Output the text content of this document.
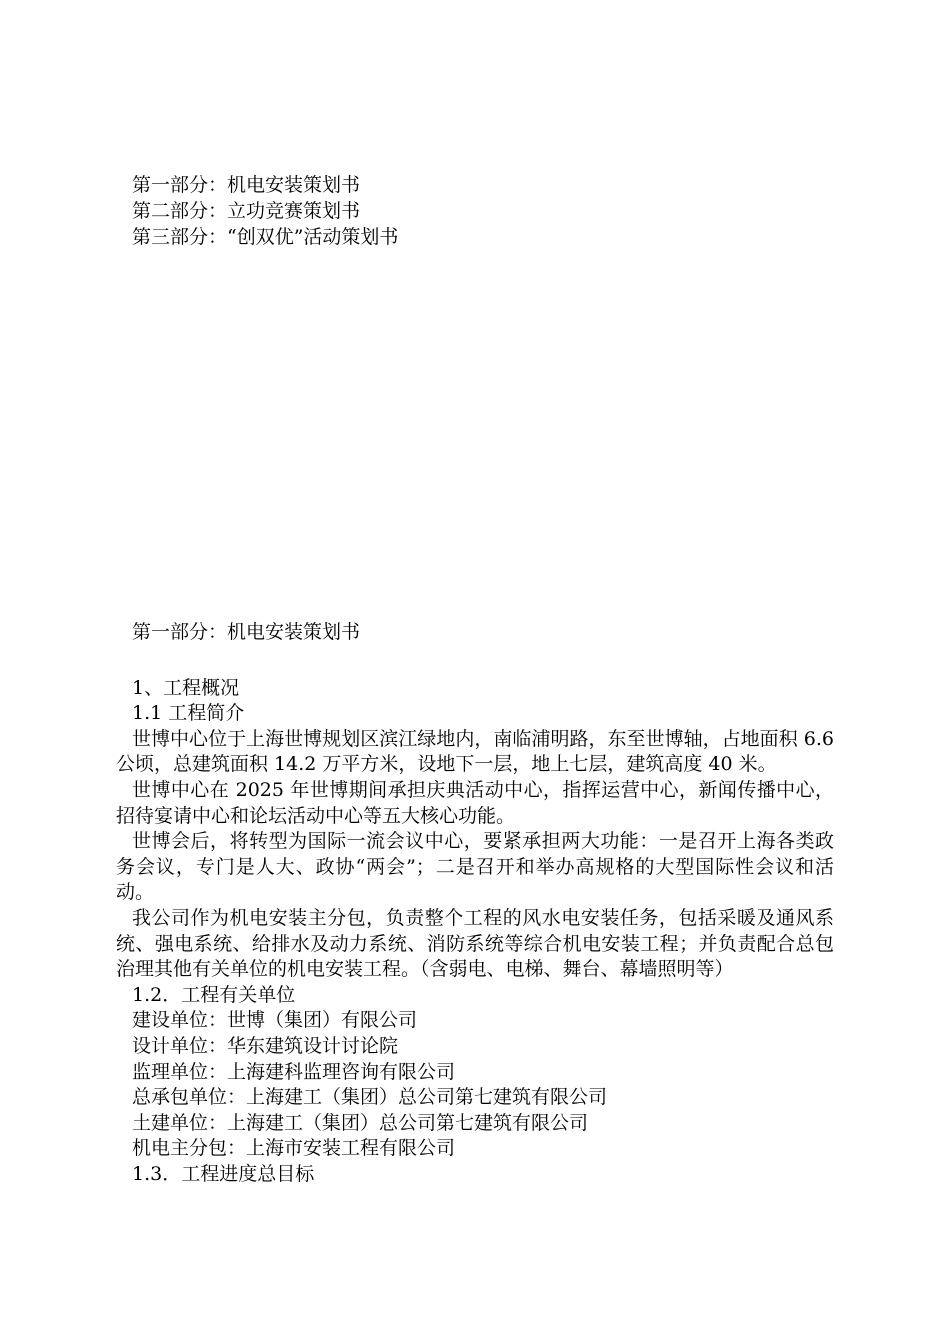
第一部分：机电安装策划书
第二部分：立功竞赛策划书
第三部分：“创双优”活动策划书
第一部分：机电安装策划书
1、工程概况
1.1 工程简介

世博中心位于上海世博规划区滨江绿地内，南临浦明路，东至世博轴，占地面积 6.6 公顷，总建筑面积 14.2 万平方米，设地下一层，地上七层，建筑高度 40 米。

世博中心在 2025 年世博期间承担庆典活动中心，指挥运营中心，新闻传播中心，招待宴请中心和论坛活动中心等五大核心功能。

世博会后，将转型为国际一流会议中心，要紧承担两大功能：一是召开上海各类政务会议，专门是人大、政协“两会”；二是召开和举办高规格的大型国际性会议和活动。

我公司作为机电安装主分包，负责整个工程的风水电安装任务，包括采暖及通风系统、强电系统、给排水及动力系统、消防系统等综合机电安装工程；并负责配合总包治理其他有关单位的机电安装工程。（含弱电、电梯、舞台、幕墙照明等）

1.2．工程有关单位
建设单位：世博（集团）有限公司
设计单位：华东建筑设计讨论院
监理单位：上海建科监理咨询有限公司
总承包单位：上海建工（集团）总公司第七建筑有限公司
土建单位：上海建工（集团）总公司第七建筑有限公司
机电主分包：上海市安装工程有限公司
1.3．工程进度总目标
